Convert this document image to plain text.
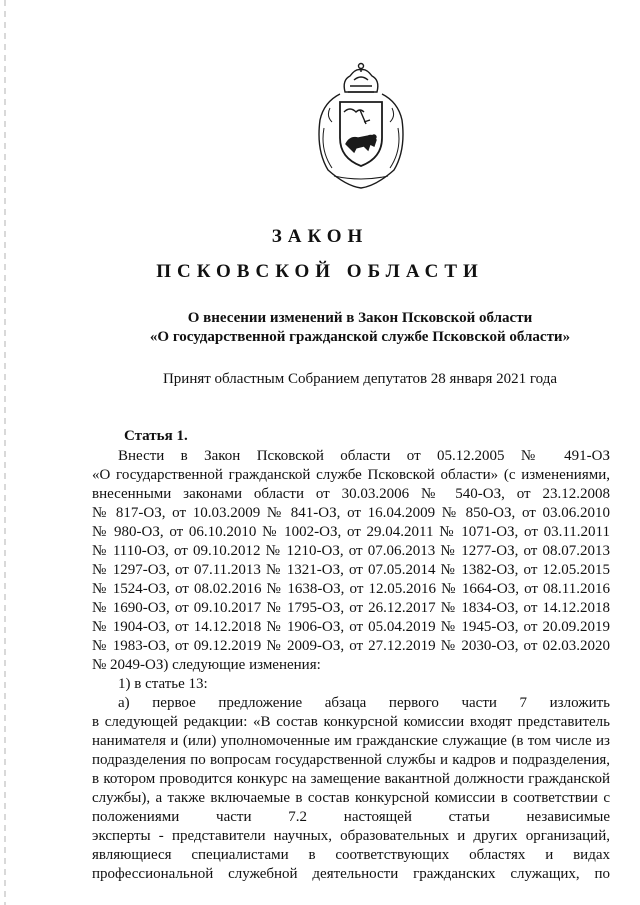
ЗАКОН
ПСКОВСКОЙ ОБЛАСТИ
О внесении изменений в Закон Псковской области
«О государственной гражданской службе Псковской области»
Принят областным Собранием депутатов 28 января 2021 года
Статья 1.
Внести в Закон Псковской области от 05.12.2005 № 491-ОЗ
«О государственной гражданской службе Псковской области» (с изменениями,
внесенными законами области от 30.03.2006 № 540-ОЗ, от 23.12.2008
№ 817-ОЗ, от 10.03.2009 № 841-ОЗ, от 16.04.2009 № 850-ОЗ, от 03.06.2010
№ 980-ОЗ, от 06.10.2010 № 1002-ОЗ, от 29.04.2011 № 1071-ОЗ, от 03.11.2011
№ 1110-ОЗ, от 09.10.2012 № 1210-ОЗ, от 07.06.2013 № 1277-ОЗ, от 08.07.2013
№ 1297-ОЗ, от 07.11.2013 № 1321-ОЗ, от 07.05.2014 № 1382-ОЗ, от 12.05.2015
№ 1524-ОЗ, от 08.02.2016 № 1638-ОЗ, от 12.05.2016 № 1664-ОЗ, от 08.11.2016
№ 1690-ОЗ, от 09.10.2017 № 1795-ОЗ, от 26.12.2017 № 1834-ОЗ, от 14.12.2018
№ 1904-ОЗ, от 14.12.2018 № 1906-ОЗ, от 05.04.2019 № 1945-ОЗ, от 20.09.2019
№ 1983-ОЗ, от 09.12.2019 № 2009-ОЗ, от 27.12.2019 № 2030-ОЗ, от 02.03.2020
№ 2049-ОЗ) следующие изменения:
1) в статье 13:
а) первое предложение абзаца первого части 7 изложить
в следующей редакции: «В состав конкурсной комиссии входят представитель
нанимателя и (или) уполномоченные им гражданские служащие (в том числе из
подразделения по вопросам государственной службы и кадров и подразделения,
в котором проводится конкурс на замещение вакантной должности гражданской
службы), а также включаемые в состав конкурсной комиссии в соответствии с
положениями части 7.2 настоящей статьи независимые
эксперты - представители научных, образовательных и других организаций,
являющиеся специалистами в соответствующих областях и видах
профессиональной служебной деятельности гражданских служащих, по
